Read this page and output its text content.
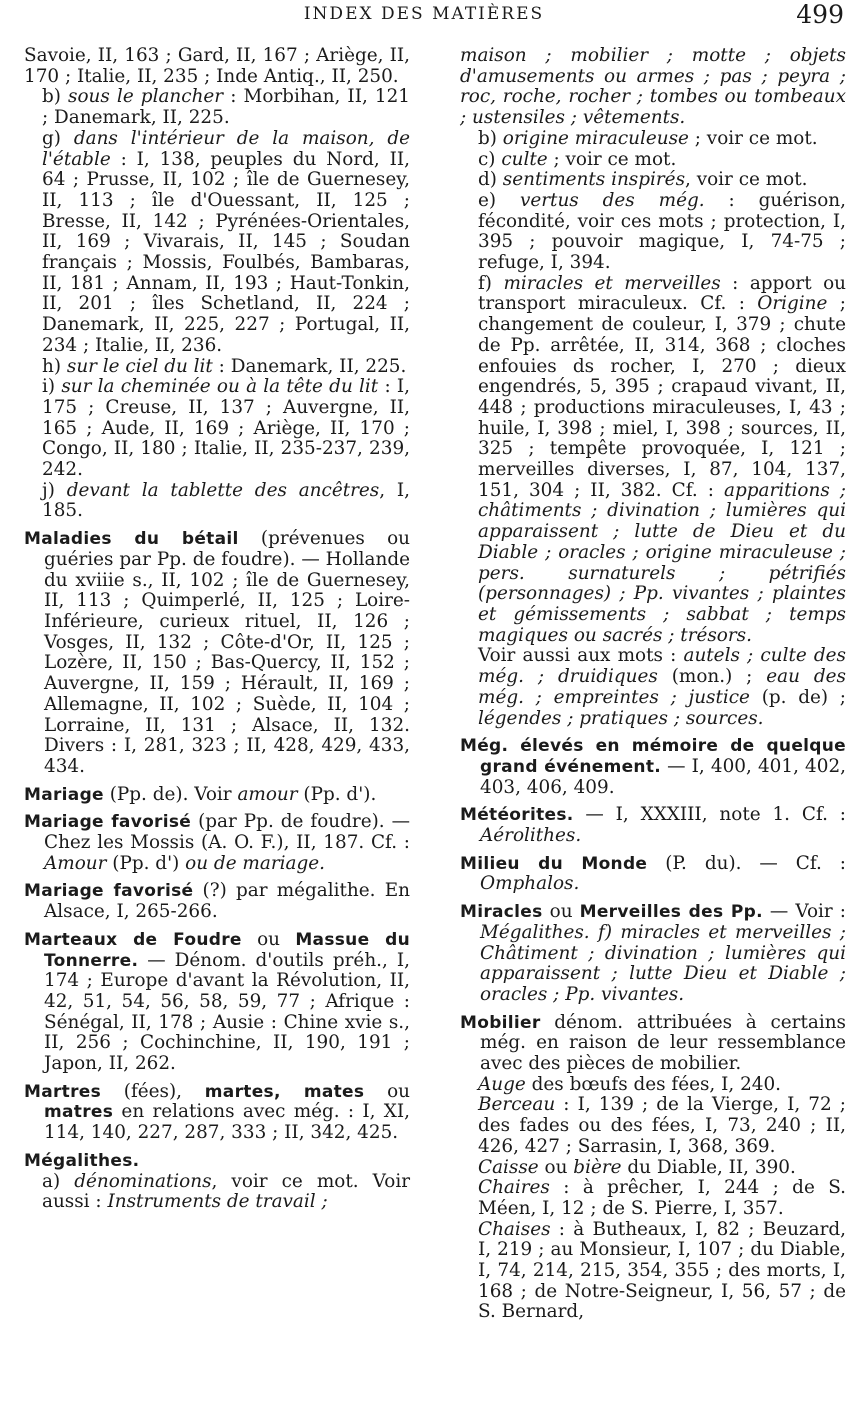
INDEX DES MATIÈRES	499

Savoie, II, 163 ; Gard, II, 167 ; Ariège, II, 170 ; Italie, II, 235 ; Inde Antiq., II, 250.

b) sous le plancher : Morbihan, II, 121 ; Danemark, II, 225.

g) dans l'intérieur de la maison, de l'étable : I, 138, peuples du Nord, II, 64 ; Prusse, II, 102 ; île de Guernesey, II, 113 ; île d'Ouessant, II, 125 ; Bresse, II, 142 ; Pyrénées-Orientales, II, 169 ; Vivarais, II, 145 ; Soudan français ; Mossis, Foulbés, Bambaras, II, 181 ; Annam, II, 193 ; Haut-Tonkin, II, 201 ; îles Schetland, II, 224 ; Danemark, II, 225, 227 ; Portugal, II, 234 ; Italie, II, 236.

h) sur le ciel du lit : Danemark, II, 225.

i) sur la cheminée ou à la tête du lit : I, 175 ; Creuse, II, 137 ; Auvergne, II, 165 ; Aude, II, 169 ; Ariège, II, 170 ; Congo, II, 180 ; Italie, II, 235-237, 239, 242.

j) devant la tablette des ancêtres, I, 185.

Maladies du bétail (prévenues ou guéries par Pp. de foudre). — Hollande du xviiie s., II, 102 ; île de Guernesey, II, 113 ; Quimperlé, II, 125 ; Loire-Inférieure, curieux rituel, II, 126 ; Vosges, II, 132 ; Côte-d'Or, II, 125 ; Lozère, II, 150 ; Bas-Quercy, II, 152 ; Auvergne, II, 159 ; Hérault, II, 169 ; Allemagne, II, 102 ; Suède, II, 104 ; Lorraine, II, 131 ; Alsace, II, 132. Divers : I, 281, 323 ; II, 428, 429, 433, 434.

Mariage (Pp. de). Voir amour (Pp. d').

Mariage favorisé (par Pp. de foudre). — Chez les Mossis (A. O. F.), II, 187. Cf. : Amour (Pp. d') ou de mariage.

Mariage favorisé (?) par mégalithe. En Alsace, I, 265-266.

Marteaux de Foudre ou Massue du Tonnerre. — Dénom. d'outils préh., I, 174 ; Europe d'avant la Révolution, II, 42, 51, 54, 56, 58, 59, 77 ; Afrique : Sénégal, II, 178 ; Ausie : Chine xvie s., II, 256 ; Cochinchine, II, 190, 191 ; Japon, II, 262.

Martres (fées), martes, mates ou matres en relations avec még. : I, XI, 114, 140, 227, 287, 333 ; II, 342, 425.

Mégalithes.

a) dénominations, voir ce mot. Voir aussi : Instruments de travail ;

maison ; mobilier ; motte ; objets d'amusements ou armes ; pas ; peyra ; roc, roche, rocher ; tombes ou tombeaux ; ustensiles ; vêtements.

b) origine miraculeuse ; voir ce mot.

c) culte ; voir ce mot.

d) sentiments inspirés, voir ce mot.

e) vertus des még. : guérison, fécondité, voir ces mots ; protection, I, 395 ; pouvoir magique, I, 74-75 ; refuge, I, 394.

f) miracles et merveilles : apport ou transport miraculeux. Cf. : Origine ; changement de couleur, I, 379 ; chute de Pp. arrêtée, II, 314, 368 ; cloches enfouies ds rocher, I, 270 ; dieux engendrés, 5, 395 ; crapaud vivant, II, 448 ; productions miraculeuses, I, 43 ; huile, I, 398 ; miel, I, 398 ; sources, II, 325 ; tempête provoquée, I, 121 ; merveilles diverses, I, 87, 104, 137, 151, 304 ; II, 382. Cf. : apparitions ; châtiments ; divination ; lumières qui apparaissent ; lutte de Dieu et du Diable ; oracles ; origine miraculeuse ; pers. surnaturels ; pétrifiés (personnages) ; Pp. vivantes ; plaintes et gémissements ; sabbat ; temps magiques ou sacrés ; trésors.

Voir aussi aux mots : autels ; culte des még. ; druidiques (mon.) ; eau des még. ; empreintes ; justice (p. de) ; légendes ; pratiques ; sources.

Még. élevés en mémoire de quelque grand événement. — I, 400, 401, 402, 403, 406, 409.

Météorites. — I, XXXIII, note 1. Cf. : Aérolithes.

Milieu du Monde (P. du). — Cf. : Omphalos.

Miracles ou Merveilles des Pp. — Voir : Mégalithes. f) miracles et merveilles ; Châtiment ; divination ; lumières qui apparaissent ; lutte Dieu et Diable ; oracles ; Pp. vivantes.

Mobilier dénom. attribuées à certains még. en raison de leur ressemblance avec des pièces de mobilier.

Auge des bœufs des fées, I, 240.

Berceau : I, 139 ; de la Vierge, I, 72 ; des fades ou des fées, I, 73, 240 ; II, 426, 427 ; Sarrasin, I, 368, 369.

Caisse ou bière du Diable, II, 390.

Chaires : à prêcher, I, 244 ; de S. Méen, I, 12 ; de S. Pierre, I, 357.

Chaises : à Butheaux, I, 82 ; Beuzard, I, 219 ; au Monsieur, I, 107 ; du Diable, I, 74, 214, 215, 354, 355 ; des morts, I, 168 ; de Notre-Seigneur, I, 56, 57 ; de S. Bernard,
